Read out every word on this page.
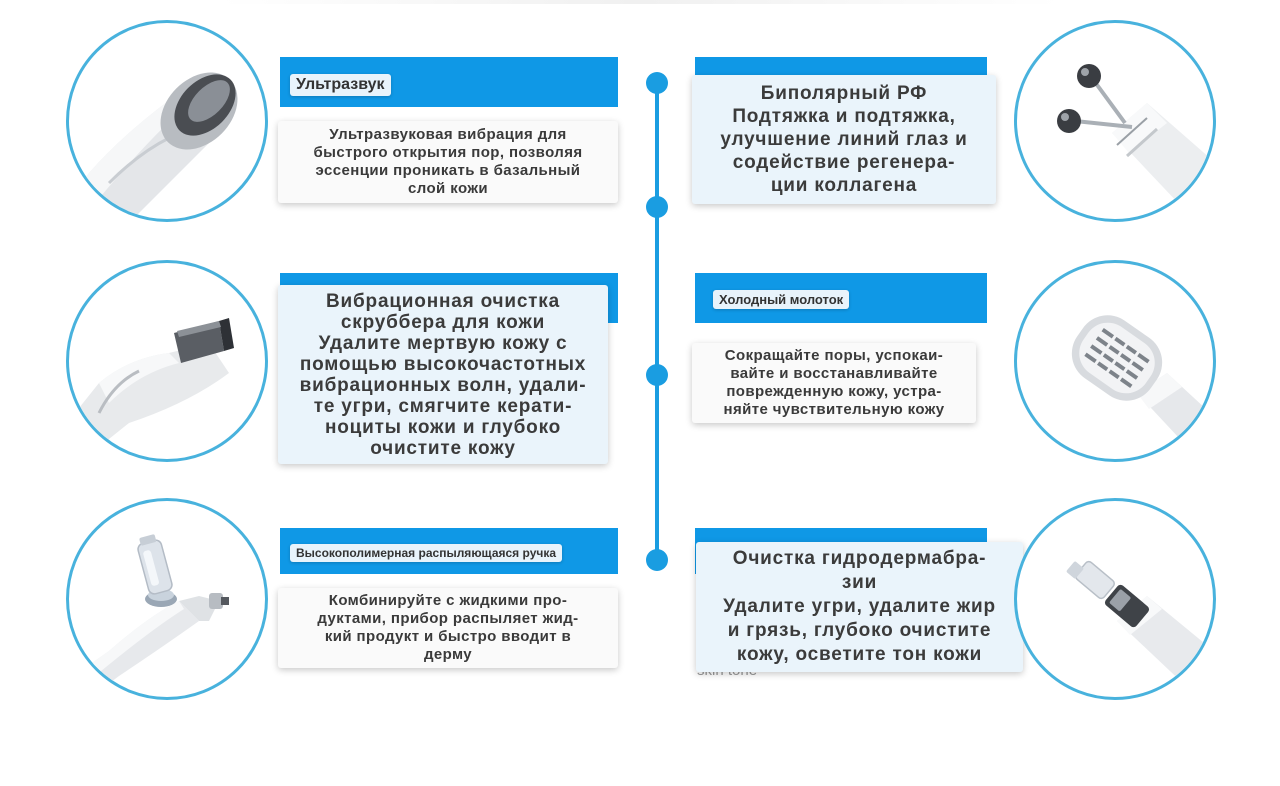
Ультразвук
Ультразвуковая вибрация для
быстрого открытия пор, позволяя
эссенции проникать в базальный
слой кожи
Биполярный РФ
Подтяжка и подтяжка,
улучшение линий глаз и
содействие регенера-
ции коллагена
Вибрационная очистка
скруббера для кожи
Удалите мертвую кожу с
помощью высокочастотных
вибрационных волн, удали-
те угри, смягчите керати-
ноциты кожи и глубоко
очистите кожу
Холодный молоток
Сокращайте поры, успокаи-
вайте и восстанавливайте
поврежденную кожу, устра-
няйте чувствительную кожу
Высокополимерная распыляющаяся ручка
Комбинируйте с жидкими про-
дуктами, прибор распыляет жид-
кий продукт и быстро вводит в
дерму
Очистка гидродермабра-
зии
Удалите угри, удалите жир
и грязь, глубоко очистите
кожу, осветите тон кожи
